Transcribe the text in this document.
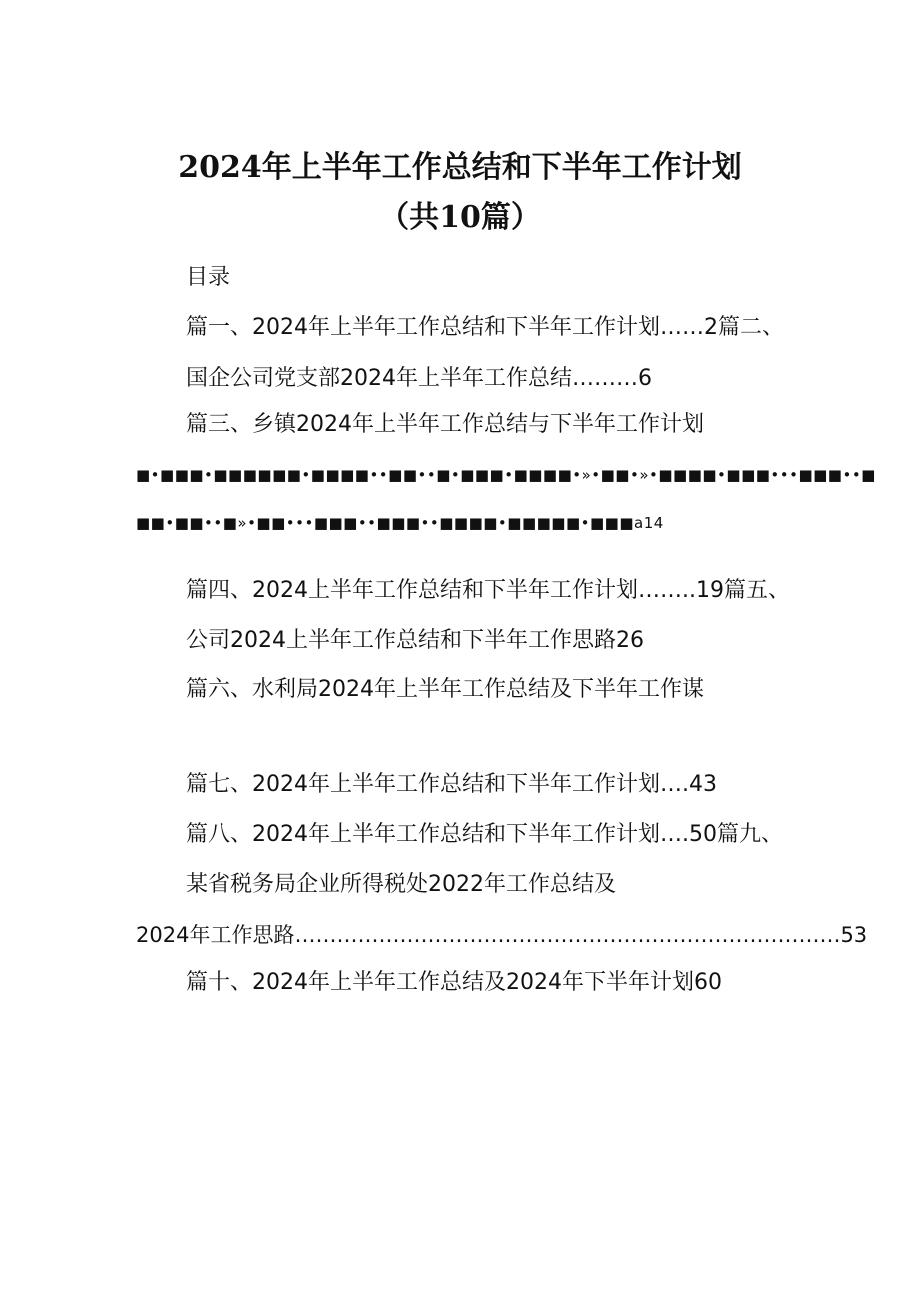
2024年上半年工作总结和下半年工作计划
（共10篇）
目录
篇一、2024年上半年工作总结和下半年工作计划……2篇二、
国企公司党支部2024年上半年工作总结………6
篇三、乡镇2024年上半年工作总结与下半年工作计划
■•■■■•■■■■■■•■■■■••■■••■•■■■•■■■■•»•■■•»•■■■■•■■■•••■■■••■
■■•■■••■»•■■•••■■■••■■■••■■■■•■■■■■•■■■a14
篇四、2024上半年工作总结和下半年工作计划……..19篇五、
公司2024上半年工作总结和下半年工作思路26
篇六、水利局2024年上半年工作总结及下半年工作谋
篇七、2024年上半年工作总结和下半年工作计划….43
篇八、2024年上半年工作总结和下半年工作计划….50篇九、
某省税务局企业所得税处2022年工作总结及
2024年工作思路……………………………………………………………………53
篇十、2024年上半年工作总结及2024年下半年计划60
